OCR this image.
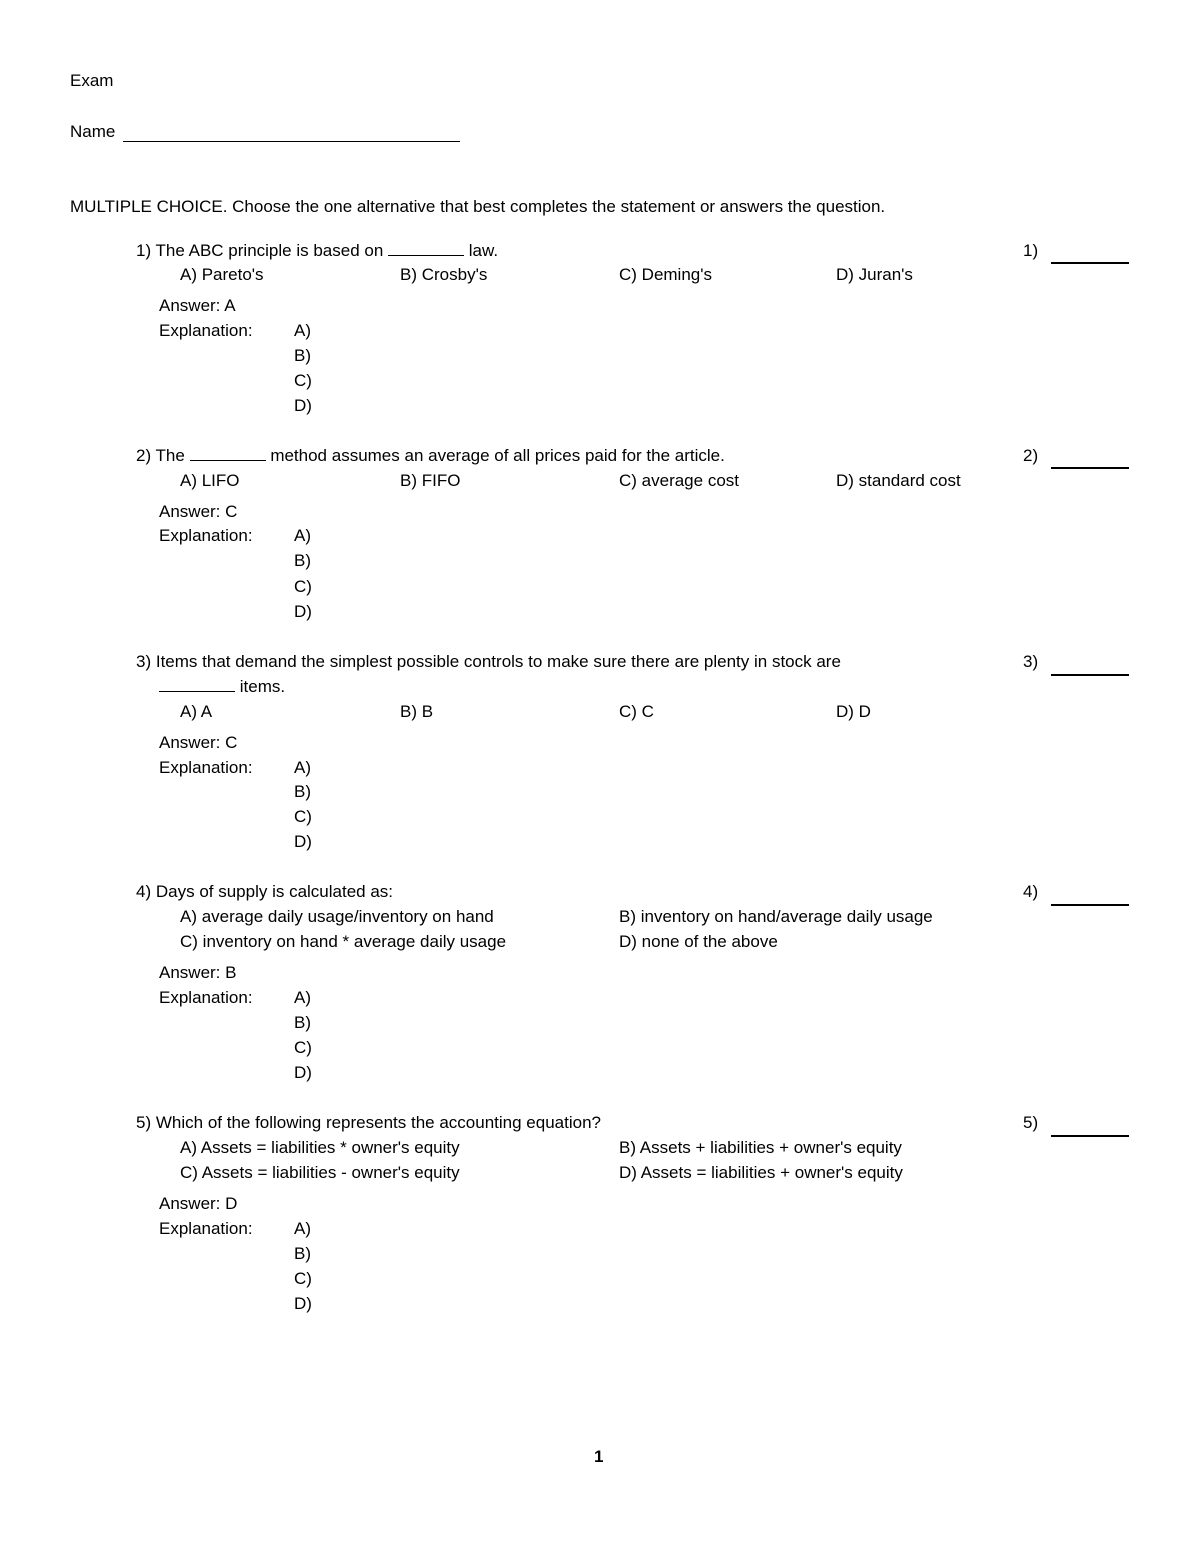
Exam
Name
MULTIPLE CHOICE. Choose the one alternative that best completes the statement or answers the question.
1) The ABC principle is based on	law.	1)
A) Pareto's	B) Crosby's	C) Deming's	D) Juran's
Answer: A
Explanation: A)
B)
C)
D)
2) The	method assumes an average of all prices paid for the article.	2)
A) LIFO	B) FIFO	C) average cost	D) standard cost
Answer: C
Explanation: A)
B)
C)
D)
3) Items that demand the simplest possible controls to make sure there are plenty in stock are
items.
3)
A) A	B) B	C) C	D) D
Answer: C
Explanation: A)
B)
C)
D)
4) Days of supply is calculated as:	4)
A) average daily usage/inventory on hand	B) inventory on hand/average daily usage
C) inventory on hand * average daily usage	D) none of the above
Answer: B
Explanation: A)
B)
C)
D)
5) Which of the following represents the accounting equation?	5)
A) Assets = liabilities * owner's equity	B) Assets + liabilities + owner's equity
C) Assets = liabilities - owner's equity	D) Assets = liabilities + owner's equity
Answer: D
Explanation: A)
B)
C)
D)
1
